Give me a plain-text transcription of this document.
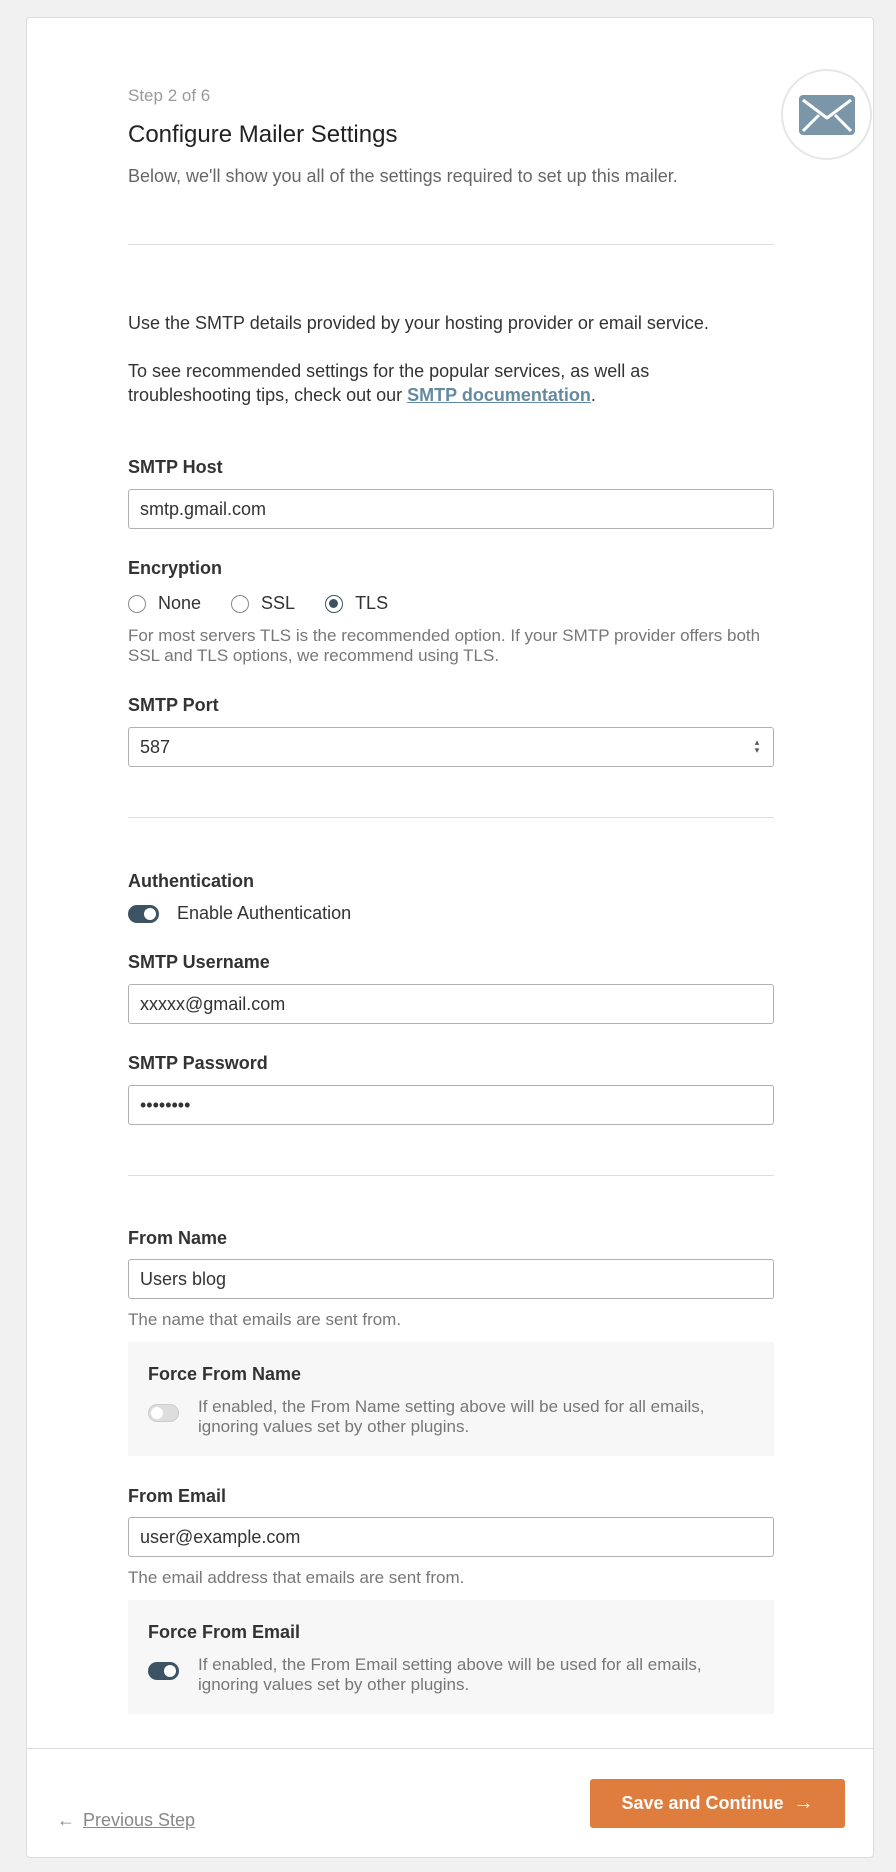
Step 2 of 6
Configure Mailer Settings
Below, we'll show you all of the settings required to set up this mailer.
Use the SMTP details provided by your hosting provider or email service.
To see recommended settings for the popular services, as well as troubleshooting tips, check out our SMTP documentation.
SMTP Host
smtp.gmail.com
Encryption
None	SSL	TLS
For most servers TLS is the recommended option. If your SMTP provider offers both SSL and TLS options, we recommend using TLS.
SMTP Port
587	▴
▾
Authentication
Enable Authentication
SMTP Username
xxxxx@gmail.com
SMTP Password
••••••••
From Name
Users blog
The name that emails are sent from.
Force From Name
If enabled, the From Name setting above will be used for all emails, ignoring values set by other plugins.
From Email
user@example.com
The email address that emails are sent from.
Force From Email
If enabled, the From Email setting above will be used for all emails, ignoring values set by other plugins.
← Previous Step
Save and Continue →
